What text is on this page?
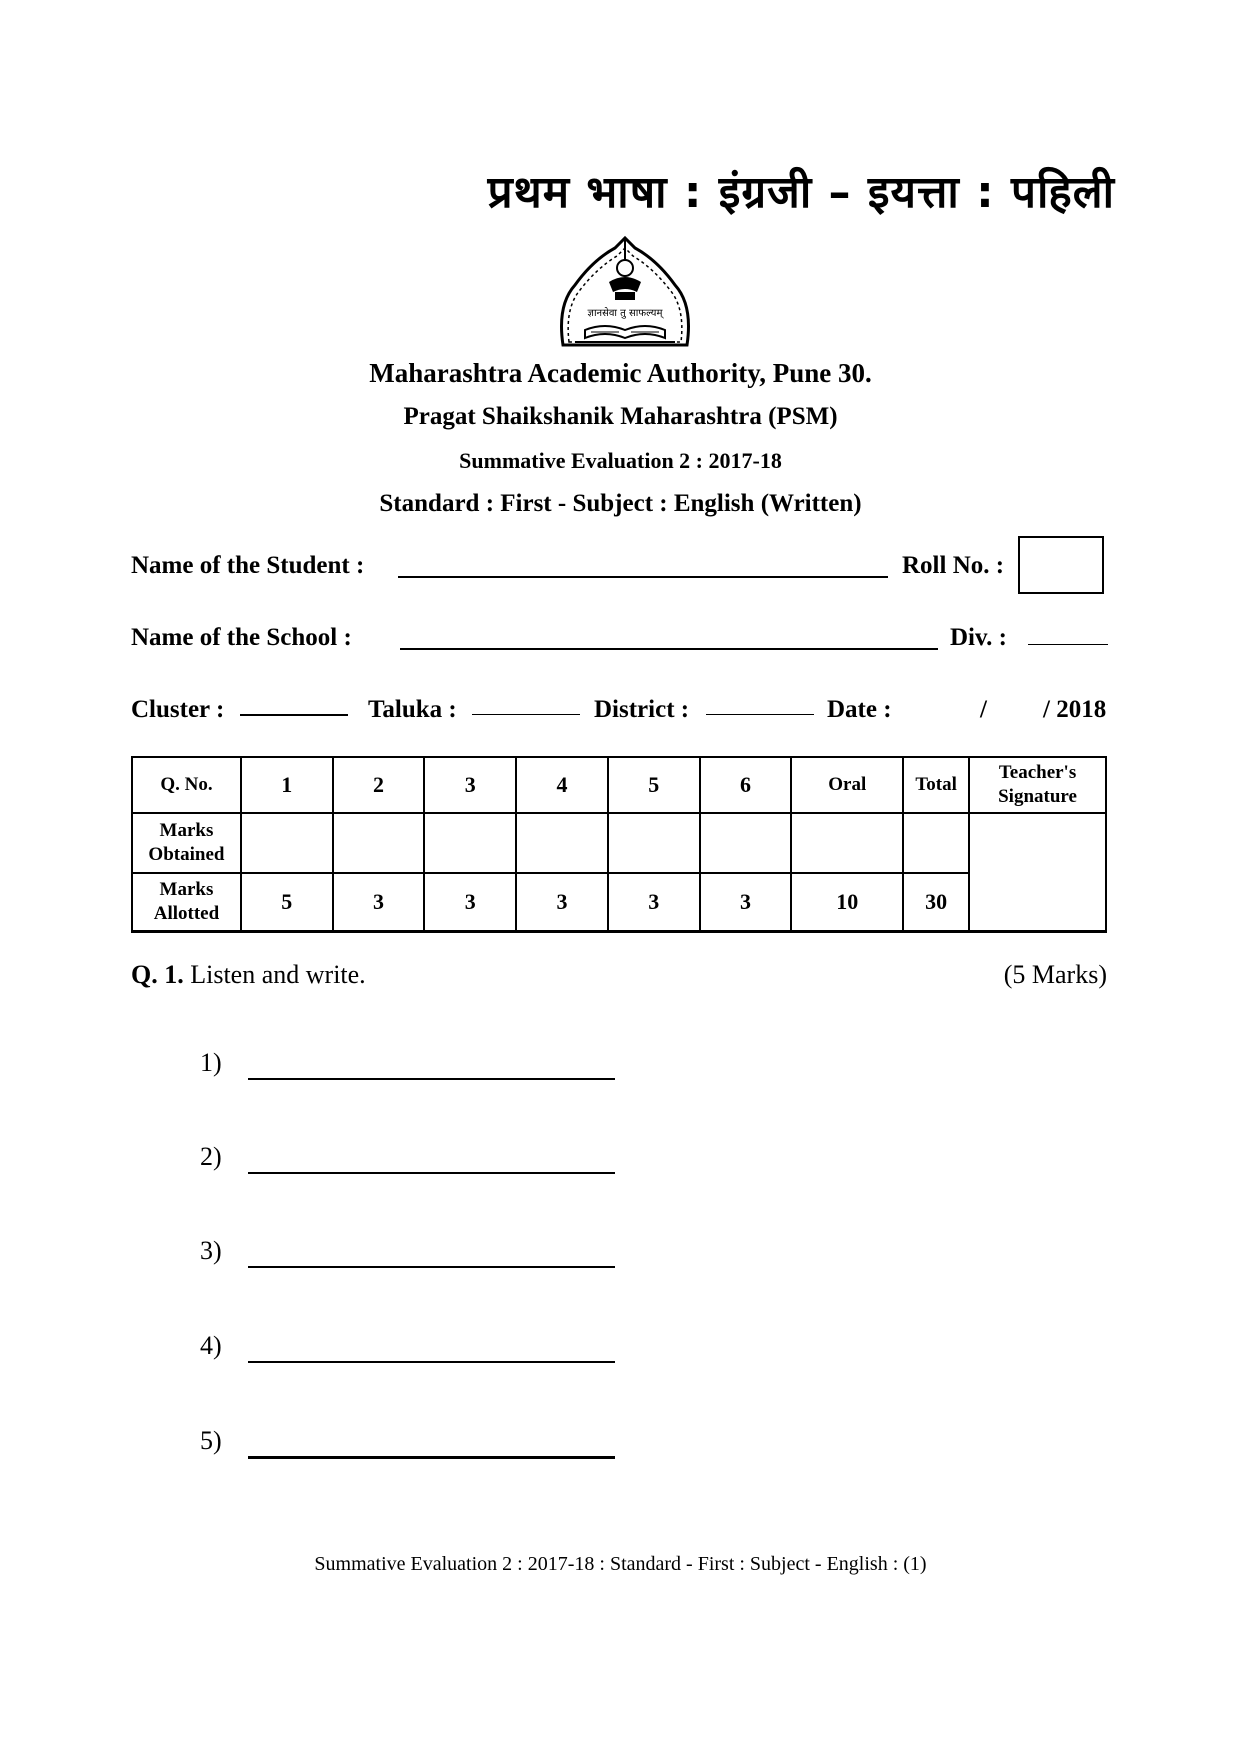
प्रथम भाषा : इंग्रजी – इयत्ता : पहिली
ज्ञानसेवा तु साफल्यम्
Maharashtra Academic Authority, Pune 30.
Pragat Shaikshanik Maharashtra (PSM)
Summative Evaluation 2 : 2017-18
Standard : First - Subject : English (Written)
Name of the Student :	Roll No. :
Name of the School :	Div. :
Cluster :	Taluka :	District :	Date :	/ / 2018
Q. No.	1	2	3	4	5	6	Oral	Total	Teacher's Signature
Marks Obtained									
Marks Allotted	5	3	3	3	3	3	10	30	
Q. 1. Listen and write.	(5 Marks)
1)
2)
3)
4)
5)
Summative Evaluation 2 : 2017-18 : Standard - First : Subject - English : (1)
